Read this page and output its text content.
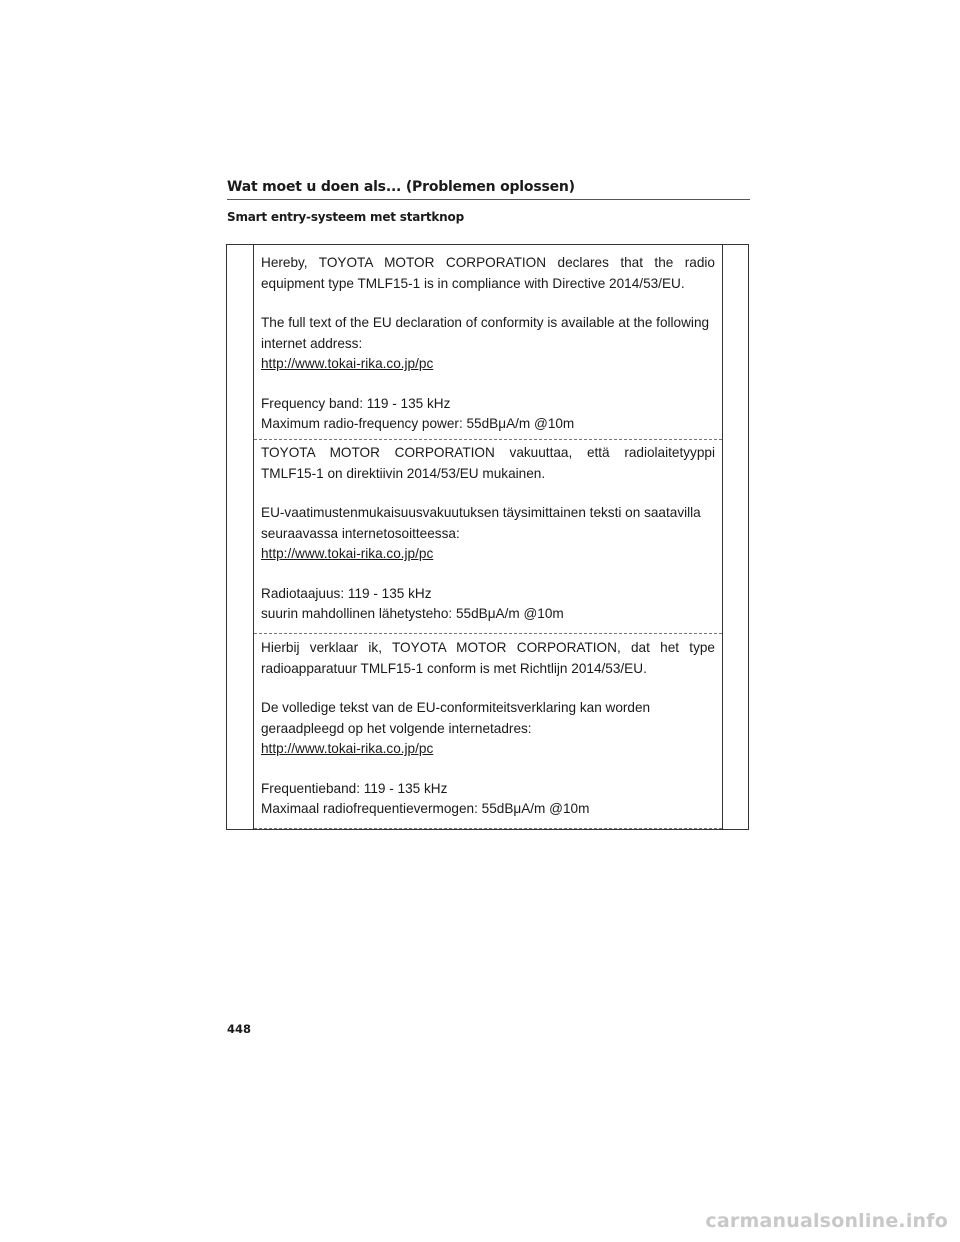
Wat moet u doen als... (Problemen oplossen)
Smart entry-systeem met startknop

Hereby, TOYOTA MOTOR CORPORATION declares that the radio equipment type TMLF15-1 is in compliance with Directive 2014/53/EU.

The full text of the EU declaration of conformity is available at the following internet address:
http://www.tokai-rika.co.jp/pc

Frequency band: 119 - 135 kHz
Maximum radio-frequency power: 55dBμA/m @10m

TOYOTA MOTOR CORPORATION vakuuttaa, että radiolaitetyyppi TMLF15-1 on direktiivin 2014/53/EU mukainen.

EU-vaatimustenmukaisuusvakuutuksen täysimittainen teksti on saatavilla seuraavassa internetosoitteessa:
http://www.tokai-rika.co.jp/pc

Radiotaajuus: 119 - 135 kHz
suurin mahdollinen lähetysteho: 55dBμA/m @10m

Hierbij verklaar ik, TOYOTA MOTOR CORPORATION, dat het type radioapparatuur TMLF15-1 conform is met Richtlijn 2014/53/EU.

De volledige tekst van de EU-conformiteitsverklaring kan worden geraadpleegd op het volgende internetadres:
http://www.tokai-rika.co.jp/pc

Frequentieband: 119 - 135 kHz
Maximaal radiofrequentievermogen: 55dBμA/m @10m

448
carmanualsonline.info
